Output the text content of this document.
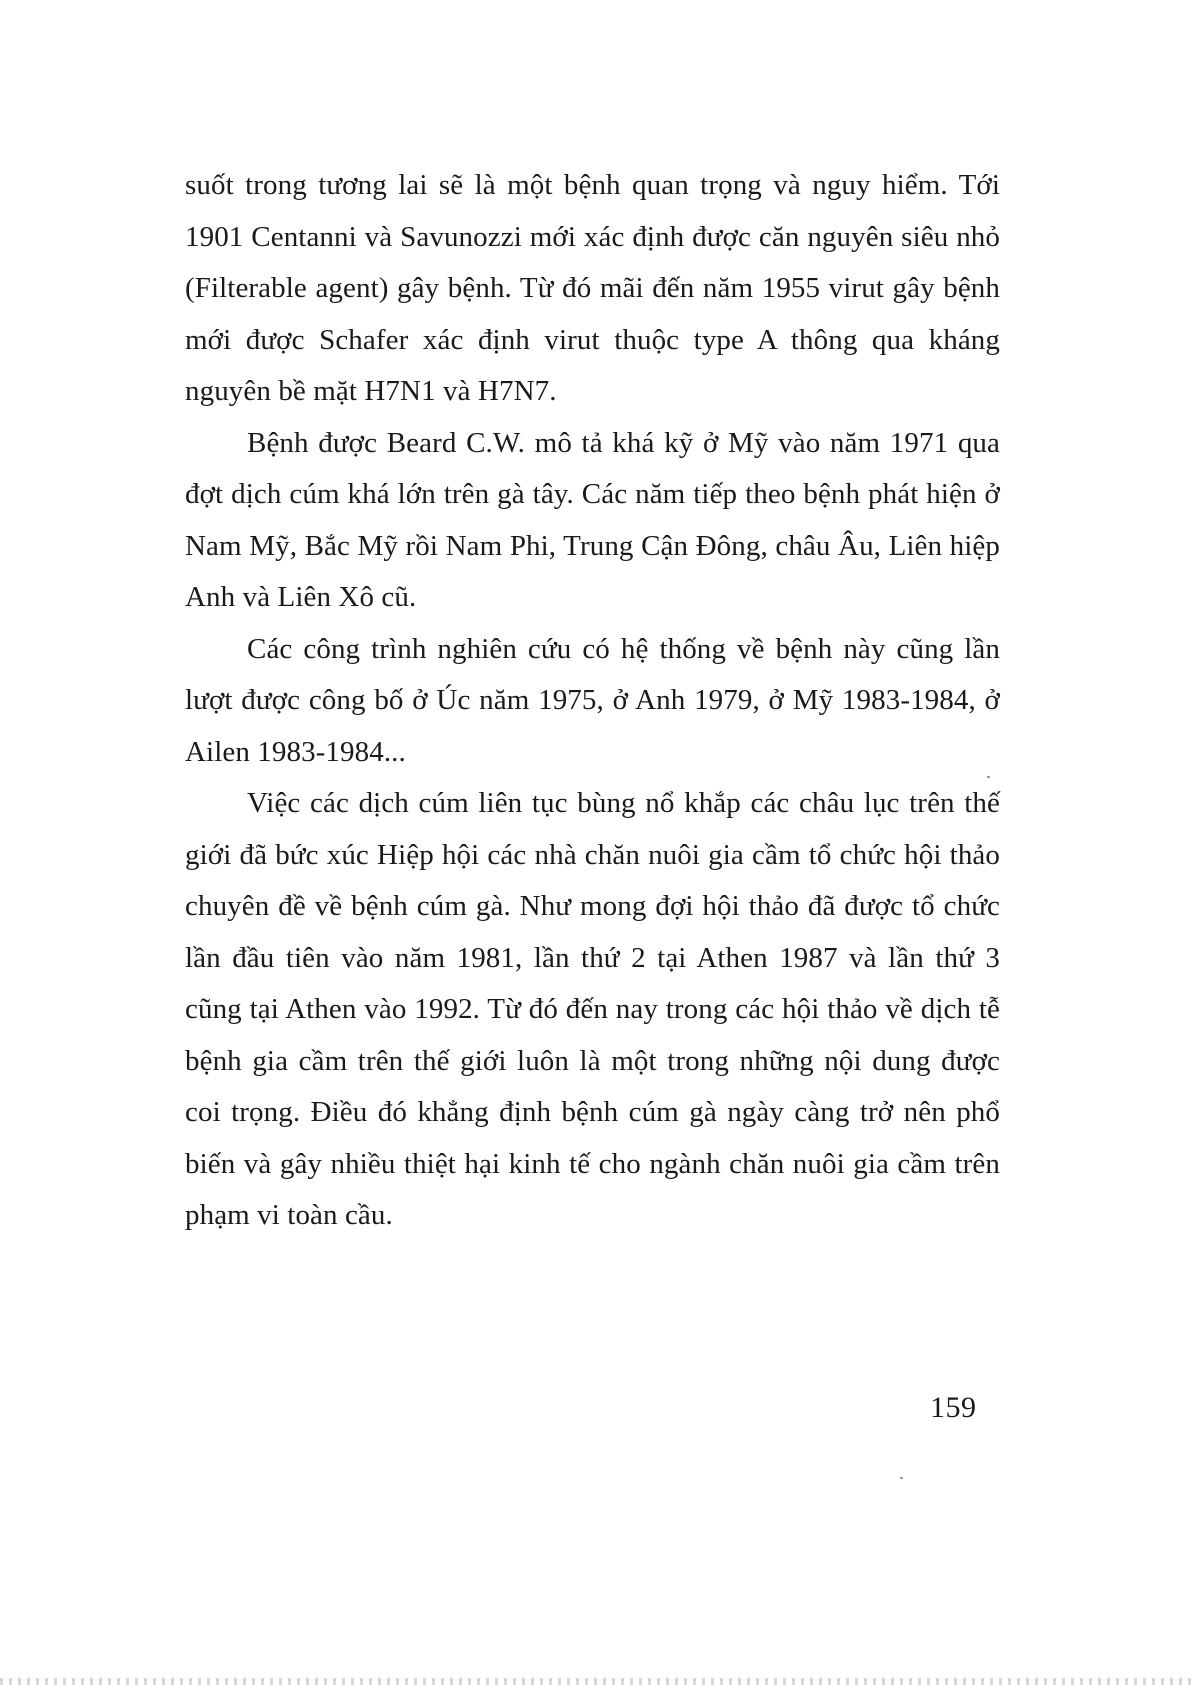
suốt trong tương lai sẽ là một bệnh quan trọng và nguy hiểm. Tới 1901 Centanni và Savunozzi mới xác định được căn nguyên siêu nhỏ (Filterable agent) gây bệnh. Từ đó mãi đến năm 1955 virut gây bệnh mới được Schafer xác định virut thuộc type A thông qua kháng nguyên bề mặt H7N1 và H7N7.

Bệnh được Beard C.W. mô tả khá kỹ ở Mỹ vào năm 1971 qua đợt dịch cúm khá lớn trên gà tây. Các năm tiếp theo bệnh phát hiện ở Nam Mỹ, Bắc Mỹ rồi Nam Phi, Trung Cận Đông, châu Âu, Liên hiệp Anh và Liên Xô cũ.

Các công trình nghiên cứu có hệ thống về bệnh này cũng lần lượt được công bố ở Úc năm 1975, ở Anh 1979, ở Mỹ 1983-1984, ở Ailen 1983-1984...

Việc các dịch cúm liên tục bùng nổ khắp các châu lục trên thế giới đã bức xúc Hiệp hội các nhà chăn nuôi gia cầm tổ chức hội thảo chuyên đề về bệnh cúm gà. Như mong đợi hội thảo đã được tổ chức lần đầu tiên vào năm 1981, lần thứ 2 tại Athen 1987 và lần thứ 3 cũng tại Athen vào 1992. Từ đó đến nay trong các hội thảo về dịch tễ bệnh gia cầm trên thế giới luôn là một trong những nội dung được coi trọng. Điều đó khẳng định bệnh cúm gà ngày càng trở nên phổ biến và gây nhiều thiệt hại kinh tế cho ngành chăn nuôi gia cầm trên phạm vi toàn cầu.

159
